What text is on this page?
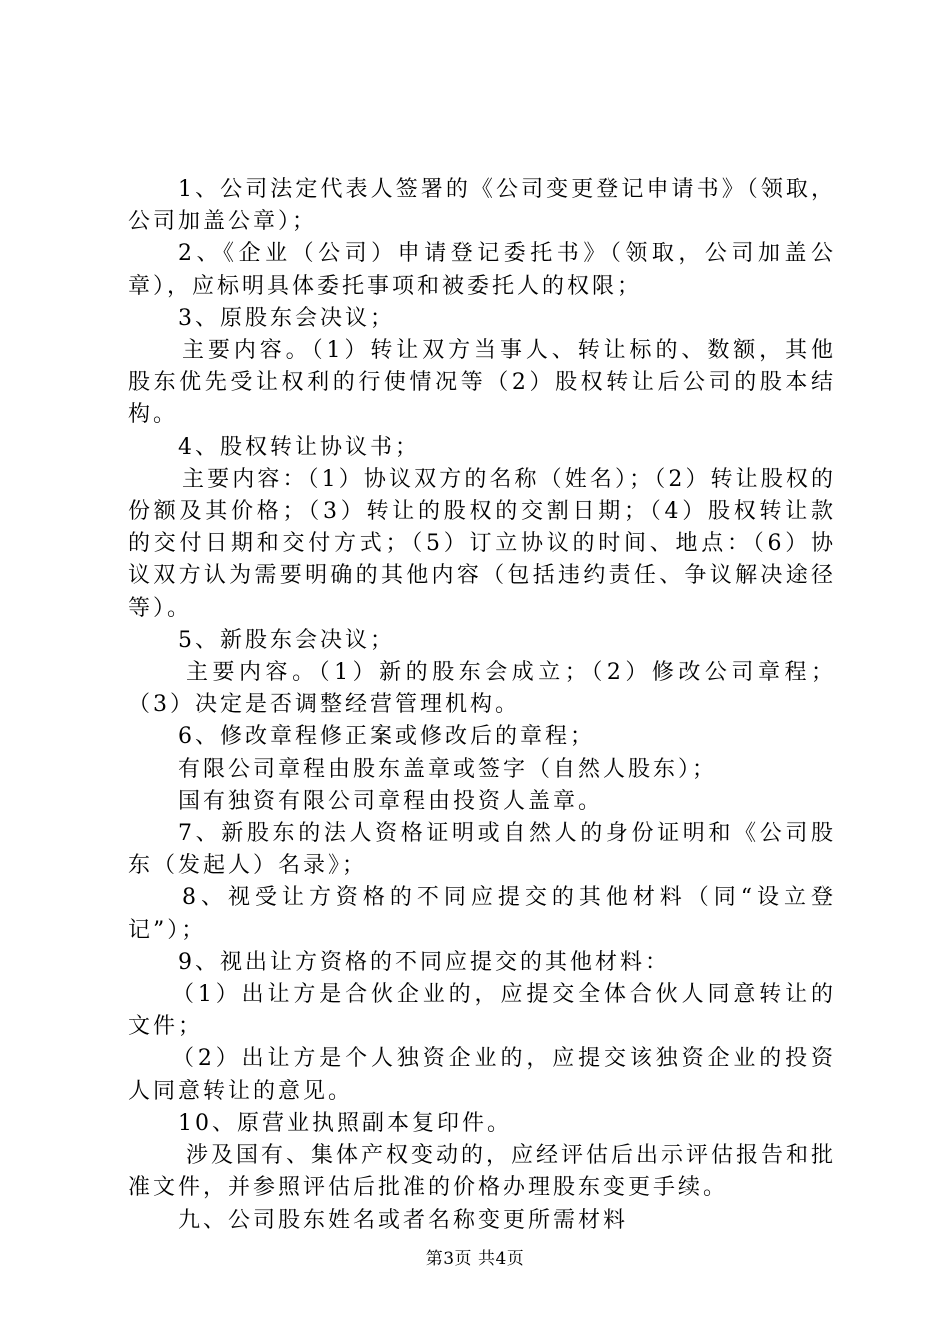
1、公司法定代表人签署的《公司变更登记申请书》（领取，公司加盖公章）；

2、《企业（公司）申请登记委托书》（领取，公司加盖公章），应标明具体委托事项和被委托人的权限；

3、原股东会决议；

主要内容。（1）转让双方当事人、转让标的、数额，其他股东优先受让权利的行使情况等（2）股权转让后公司的股本结构。

4、股权转让协议书；

主要内容：（1）协议双方的名称（姓名）；（2）转让股权的份额及其价格；（3）转让的股权的交割日期；（4）股权转让款的交付日期和交付方式；（5）订立协议的时间、地点：（6）协议双方认为需要明确的其他内容（包括违约责任、争议解决途径等）。

5、新股东会决议；

主要内容。（1）新的股东会成立；（2）修改公司章程；（3）决定是否调整经营管理机构。

6、修改章程修正案或修改后的章程；

有限公司章程由股东盖章或签字（自然人股东）；

国有独资有限公司章程由投资人盖章。

7、新股东的法人资格证明或自然人的身份证明和《公司股东（发起人）名录》；

8、视受让方资格的不同应提交的其他材料（同“设立登记”）；

9、视出让方资格的不同应提交的其他材料：

（1）出让方是合伙企业的，应提交全体合伙人同意转让的文件；

（2）出让方是个人独资企业的，应提交该独资企业的投资人同意转让的意见。

10、原营业执照副本复印件。

涉及国有、集体产权变动的，应经评估后出示评估报告和批准文件，并参照评估后批准的价格办理股东变更手续。

九、公司股东姓名或者名称变更所需材料

第3页 共4页
